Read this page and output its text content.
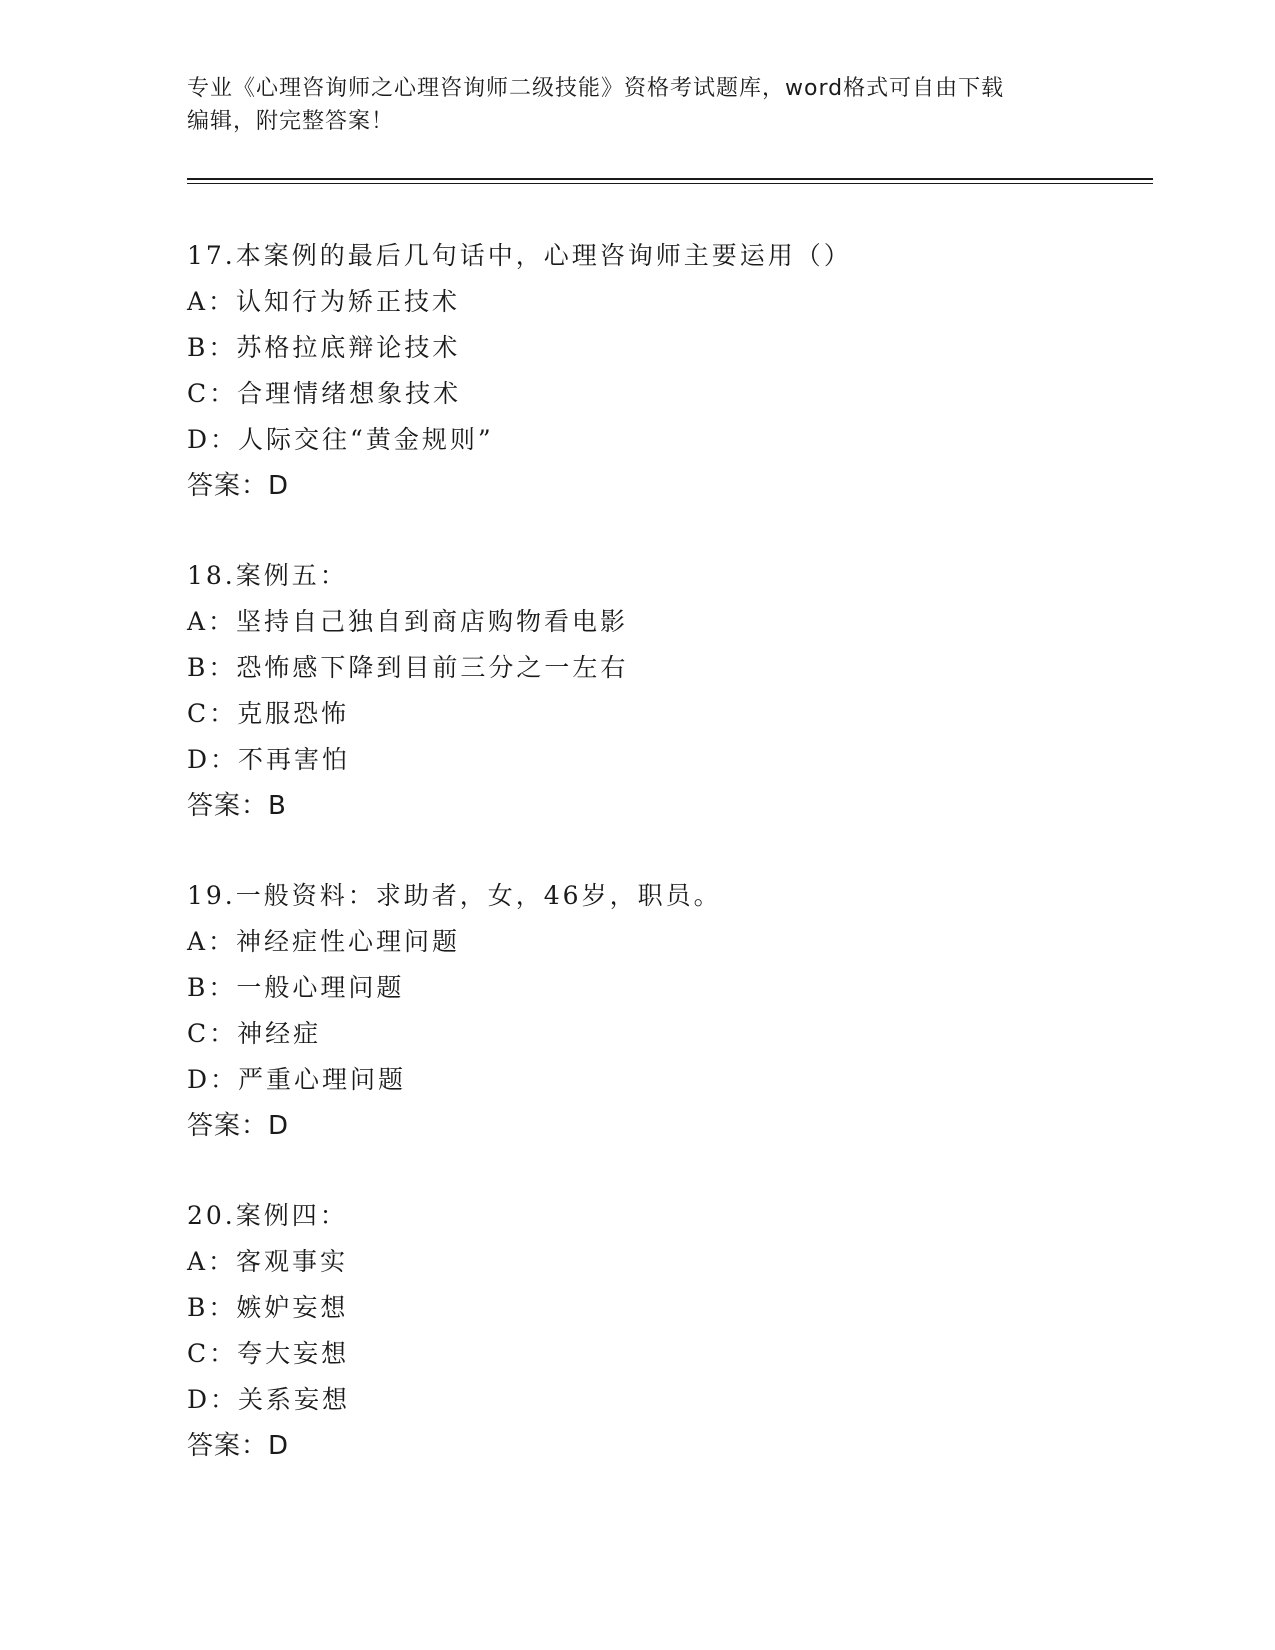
专业《心理咨询师之心理咨询师二级技能》资格考试题库，word格式可自由下载
编辑，附完整答案！
17.本案例的最后几句话中，心理咨询师主要运用（）
A：认知行为矫正技术
B：苏格拉底辩论技术
C：合理情绪想象技术
D：人际交往“黄金规则”
答案：D
18.案例五：
A：坚持自己独自到商店购物看电影
B：恐怖感下降到目前三分之一左右
C：克服恐怖
D：不再害怕
答案：B
19.一般资料：求助者，女，46岁，职员。
A：神经症性心理问题
B：一般心理问题
C：神经症
D：严重心理问题
答案：D
20.案例四：
A：客观事实
B：嫉妒妄想
C：夸大妄想
D：关系妄想
答案：D
